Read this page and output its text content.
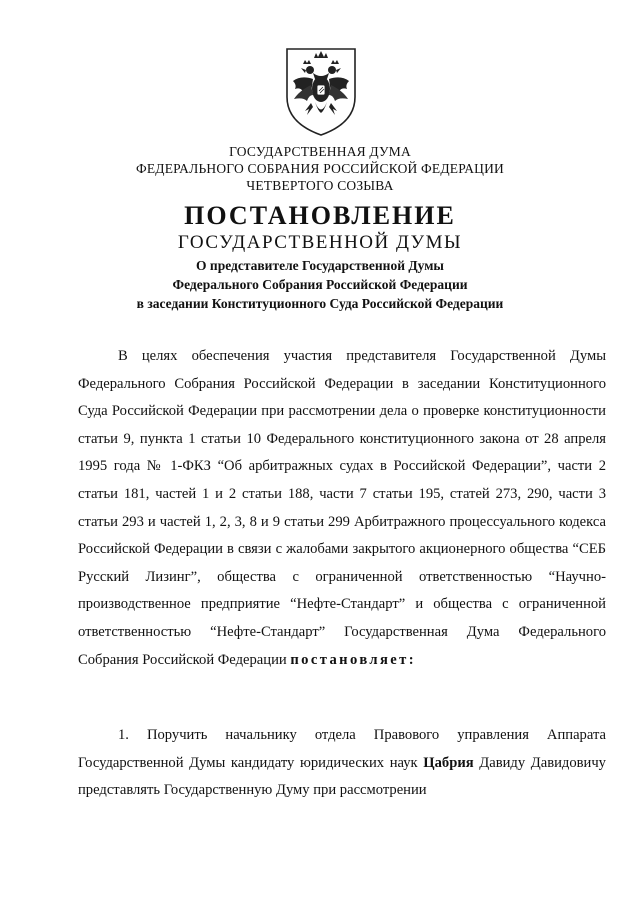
ГОСУДАРСТВЕННАЯ ДУМА
ФЕДЕРАЛЬНОГО СОБРАНИЯ РОССИЙСКОЙ ФЕДЕРАЦИИ
ЧЕТВЕРТОГО СОЗЫВА
ПОСТАНОВЛЕНИЕ
ГОСУДАРСТВЕННОЙ ДУМЫ
О представителе Государственной Думы
Федерального Собрания Российской Федерации
в заседании Конституционного Суда Российской Федерации

В целях обеспечения участия представителя Государственной Думы Федерального Собрания Российской Федерации в заседании Конституционного Суда Российской Федерации при рассмотрении дела о проверке конституционности статьи 9, пункта 1 статьи 10 Федерального конституционного закона от 28 апреля 1995 года № 1-ФКЗ “Об арбитражных судах в Российской Федерации”, части 2 статьи 181, частей 1 и 2 статьи 188, части 7 статьи 195, статей 273, 290, части 3 статьи 293 и частей 1, 2, 3, 8 и 9 статьи 299 Арбитражного процессуального кодекса Российской Федерации в связи с жалобами закрытого акционерного общества “СЕБ Русский Лизинг”, общества с ограниченной ответственностью “Научно-производственное предприятие “Нефте-Стандарт” и общества с ограниченной ответственностью “Нефте-Стандарт” Государственная Дума Федерального Собрания Российской Федерации постановляет:

1. Поручить начальнику отдела Правового управления Аппарата Государственной Думы кандидату юридических наук Цабрия Давиду Давидовичу представлять Государственную Думу при рассмотрении
